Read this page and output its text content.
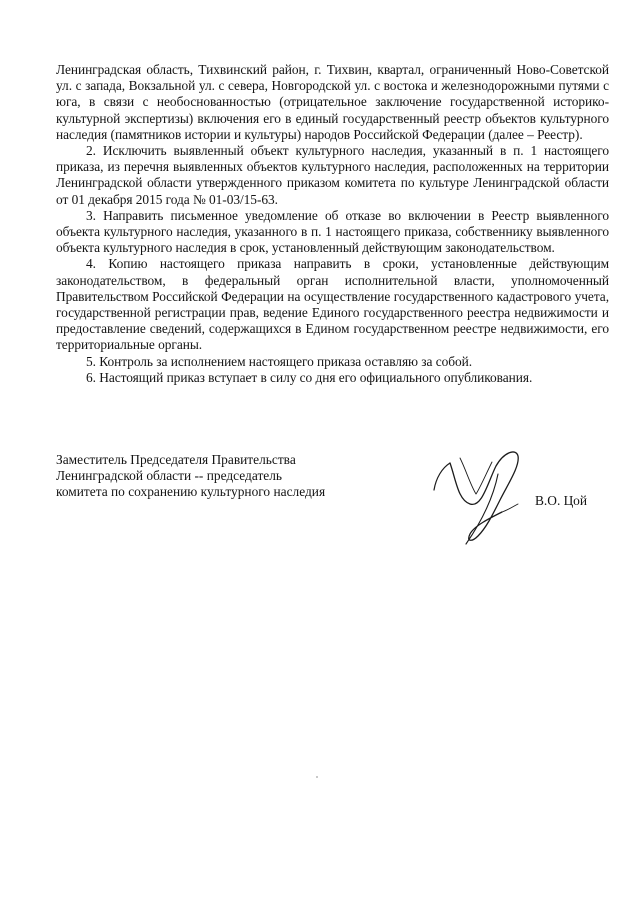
Ленинградская область, Тихвинский район, г. Тихвин, квартал, ограниченный Ново-Советской ул. с запада, Вокзальной ул. с севера, Новгородской ул. с востока и железнодорожными путями с юга, в связи с необоснованностью (отрицательное заключение государственной историко-культурной экспертизы) включения его в единый государственный реестр объектов культурного наследия (памятников истории и культуры) народов Российской Федерации (далее – Реестр).

2. Исключить выявленный объект культурного наследия, указанный в п. 1 настоящего приказа, из перечня выявленных объектов культурного наследия, расположенных на территории Ленинградской области утвержденного приказом комитета по культуре Ленинградской области от 01 декабря 2015 года № 01-03/15-63.

3. Направить письменное уведомление об отказе во включении в Реестр выявленного объекта культурного наследия, указанного в п. 1 настоящего приказа, собственнику выявленного объекта культурного наследия в срок, установленный действующим законодательством.

4. Копию настоящего приказа направить в сроки, установленные действующим законодательством, в федеральный орган исполнительной власти, уполномоченный Правительством Российской Федерации на осуществление государственного кадастрового учета, государственной регистрации прав, ведение Единого государственного реестра недвижимости и предоставление сведений, содержащихся в Едином государственном реестре недвижимости, его территориальные органы.

5. Контроль за исполнением настоящего приказа оставляю за собой.

6. Настоящий приказ вступает в силу со дня его официального опубликования.

Заместитель Председателя Правительства
Ленинградской области -- председатель
комитета по сохранению культурного наследия
В.О. Цой
